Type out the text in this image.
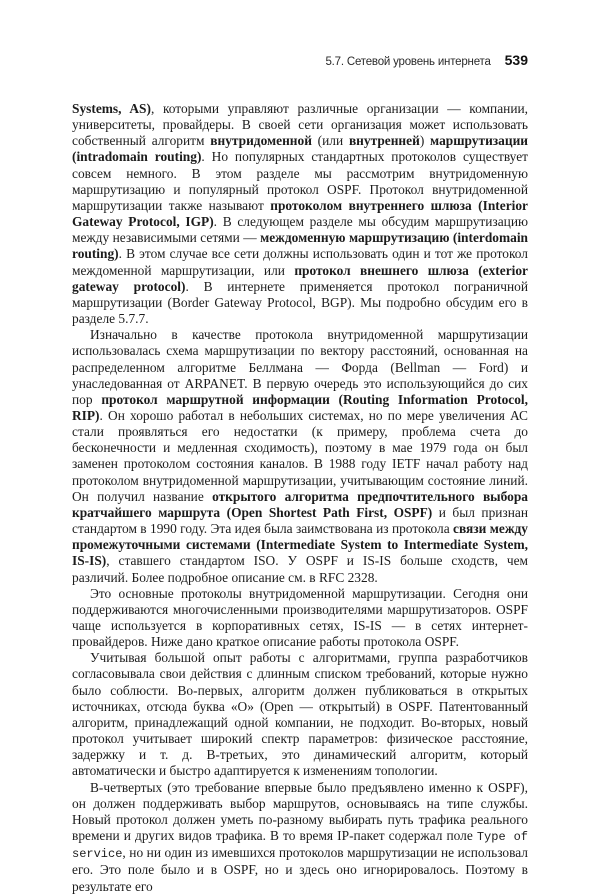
5.7. Сетевой уровень интернета 539

Systems, AS), которыми управляют различные организации — компании, университеты, провайдеры. В своей сети организация может использовать собственный алгоритм внутридоменной (или внутренней) маршрутизации (intradomain routing). Но популярных стандартных протоколов существует совсем немного. В этом разделе мы рассмотрим внутридоменную маршрутизацию и популярный протокол OSPF. Протокол внутридоменной маршрутизации также называют протоколом внутреннего шлюза (Interior Gateway Protocol, IGP). В следующем разделе мы обсудим маршрутизацию между независимыми сетями — междоменную маршрутизацию (interdomain routing). В этом случае все сети должны использовать один и тот же протокол междоменной маршрутизации, или протокол внешнего шлюза (exterior gateway protocol). В интернете применяется протокол пограничной маршрутизации (Border Gateway Protocol, BGP). Мы подробно обсудим его в разделе 5.7.7.

Изначально в качестве протокола внутридоменной маршрутизации использовалась схема маршрутизации по вектору расстояний, основанная на распределенном алгоритме Беллмана — Форда (Bellman — Ford) и унаследованная от ARPANET. В первую очередь это использующийся до сих пор протокол маршрутной информации (Routing Information Protocol, RIP). Он хорошо работал в небольших системах, но по мере увеличения АС стали проявляться его недостатки (к примеру, проблема счета до бесконечности и медленная сходимость), поэтому в мае 1979 года он был заменен протоколом состояния каналов. В 1988 году IETF начал работу над протоколом внутридоменной маршрутизации, учитывающим состояние линий. Он получил название открытого алгоритма предпочтительного выбора кратчайшего маршрута (Open Shortest Path First, OSPF) и был признан стандартом в 1990 году. Эта идея была заимствована из протокола связи между промежуточными системами (Intermediate System to Intermediate System, IS-IS), ставшего стандартом ISO. У OSPF и IS-IS больше сходств, чем различий. Более подробное описание см. в RFC 2328.

Это основные протоколы внутридоменной маршрутизации. Сегодня они поддерживаются многочисленными производителями маршрутизаторов. OSPF чаще используется в корпоративных сетях, IS-IS — в сетях интернет-провайдеров. Ниже дано краткое описание работы протокола OSPF.

Учитывая большой опыт работы с алгоритмами, группа разработчиков согласовывала свои действия с длинным списком требований, которые нужно было соблюсти. Во-первых, алгоритм должен публиковаться в открытых источниках, отсюда буква «O» (Open — открытый) в OSPF. Патентованный алгоритм, принадлежащий одной компании, не подходит. Во-вторых, новый протокол учитывает широкий спектр параметров: физическое расстояние, задержку и т. д. В-третьих, это динамический алгоритм, который автоматически и быстро адаптируется к изменениям топологии.

В-четвертых (это требование впервые было предъявлено именно к OSPF), он должен поддерживать выбор маршрутов, основываясь на типе службы. Новый протокол должен уметь по-разному выбирать путь трафика реального времени и других видов трафика. В то время IP-пакет содержал поле Type of service, но ни один из имевшихся протоколов маршрутизации не использовал его. Это поле было и в OSPF, но и здесь оно игнорировалось. Поэтому в результате его
